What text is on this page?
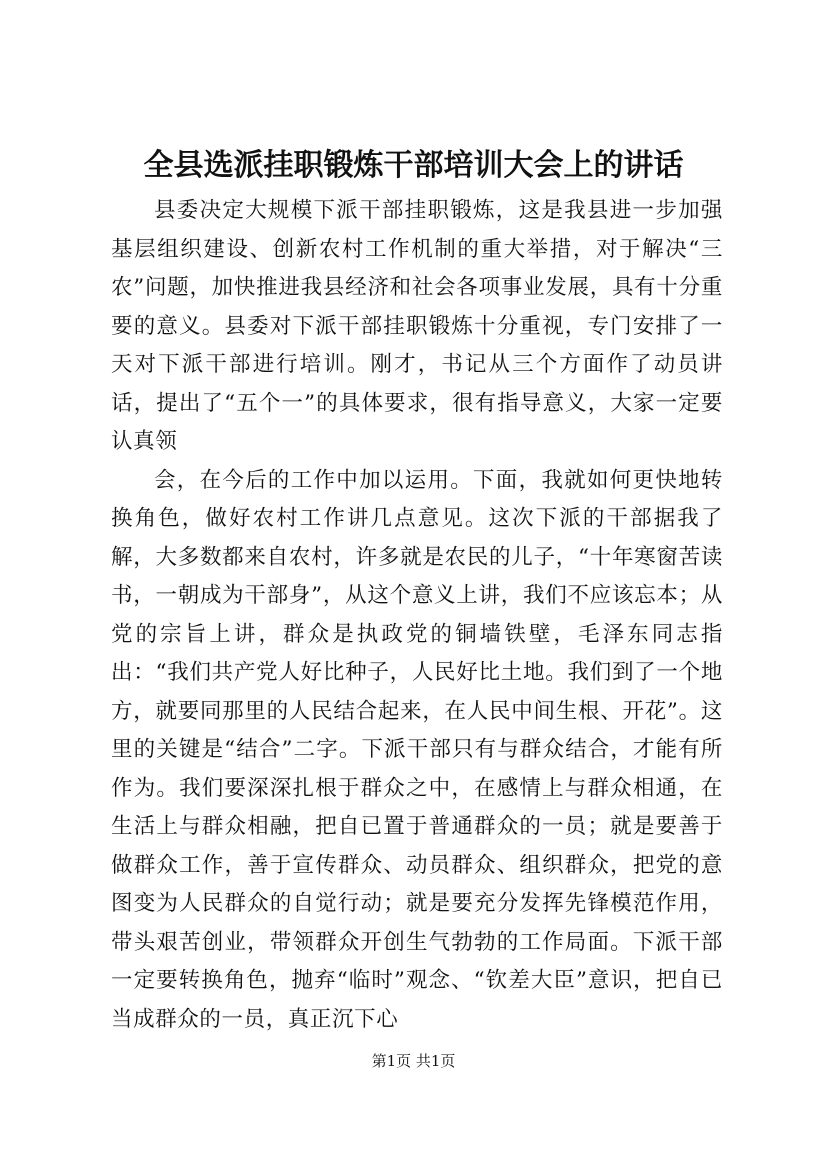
全县选派挂职锻炼干部培训大会上的讲话

县委决定大规模下派干部挂职锻炼，这是我县进一步加强基层组织建设、创新农村工作机制的重大举措，对于解决“三农”问题，加快推进我县经济和社会各项事业发展，具有十分重要的意义。县委对下派干部挂职锻炼十分重视，专门安排了一天对下派干部进行培训。刚才，书记从三个方面作了动员讲话，提出了“五个一”的具体要求，很有指导意义，大家一定要认真领

会，在今后的工作中加以运用。下面，我就如何更快地转换角色，做好农村工作讲几点意见。这次下派的干部据我了解，大多数都来自农村，许多就是农民的儿子，“十年寒窗苦读书，一朝成为干部身”，从这个意义上讲，我们不应该忘本；从党的宗旨上讲，群众是执政党的铜墙铁壁，毛泽东同志指出：“我们共产党人好比种子，人民好比土地。我们到了一个地方，就要同那里的人民结合起来，在人民中间生根、开花”。这里的关键是“结合”二字。下派干部只有与群众结合，才能有所作为。我们要深深扎根于群众之中，在感情上与群众相通，在生活上与群众相融，把自已置于普通群众的一员；就是要善于做群众工作，善于宣传群众、动员群众、组织群众，把党的意图变为人民群众的自觉行动；就是要充分发挥先锋模范作用，带头艰苦创业，带领群众开创生气勃勃的工作局面。下派干部一定要转换角色，抛弃“临时”观念、“钦差大臣”意识，把自已当成群众的一员，真正沉下心

第1页 共1页
